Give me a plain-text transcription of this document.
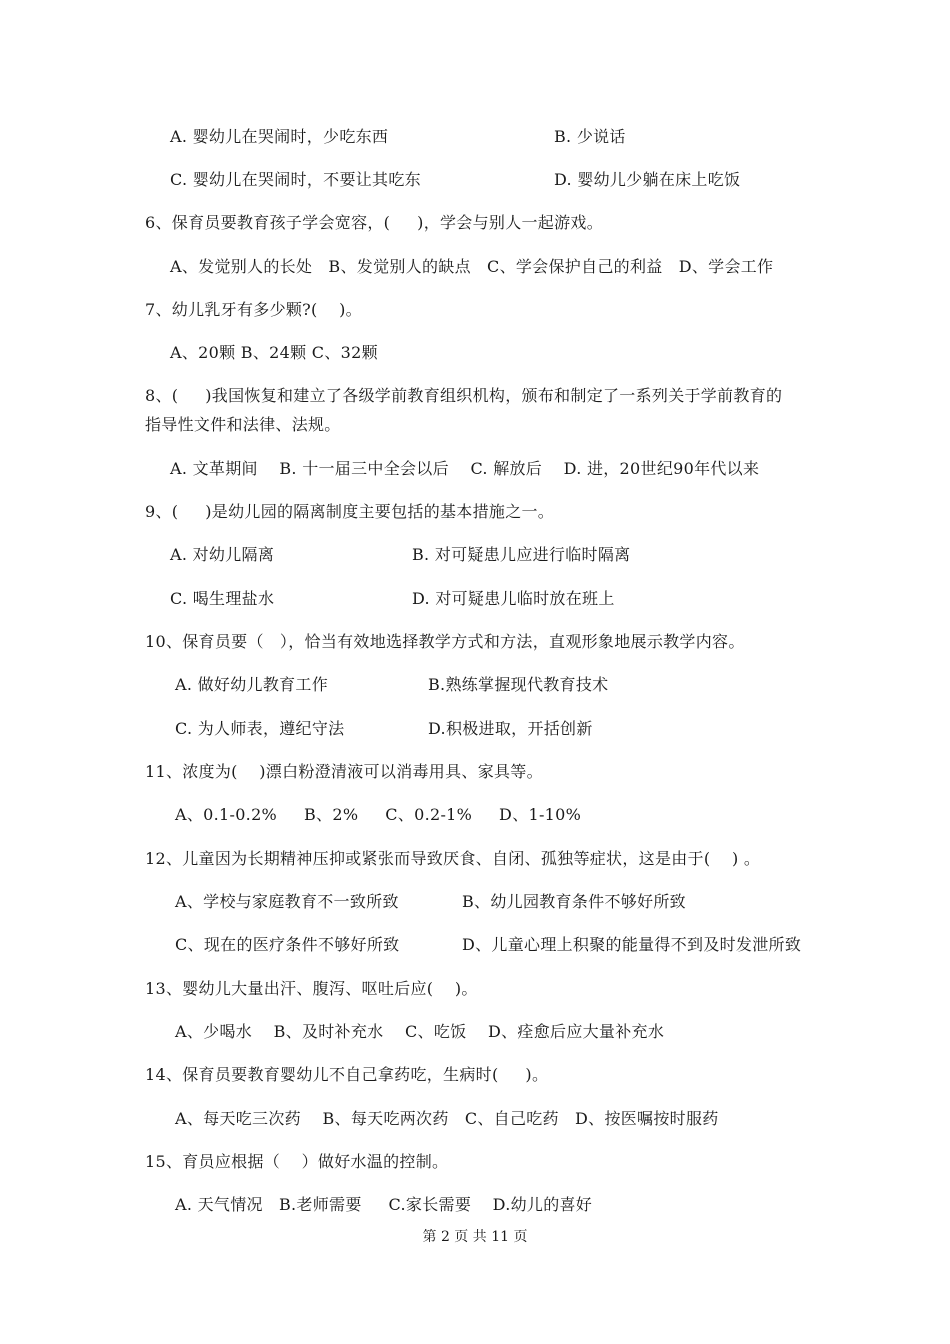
A. 婴幼儿在哭闹时，少吃东西	B. 少说话
C. 婴幼儿在哭闹时，不要让其吃东	D. 婴幼儿少躺在床上吃饭
6、保育员要教育孩子学会宽容，(     )，学会与别人一起游戏。
A、发觉别人的长处   B、发觉别人的缺点   C、学会保护自己的利益   D、学会工作
7、幼儿乳牙有多少颗?(    )。
A、20颗 B、24颗 C、32颗
8、(     )我国恢复和建立了各级学前教育组织机构，颁布和制定了一系列关于学前教育的
指导性文件和法律、法规。
A. 文革期间    B. 十一届三中全会以后    C. 解放后    D. 进，20世纪90年代以来
9、(     )是幼儿园的隔离制度主要包括的基本措施之一。
A. 对幼儿隔离	B. 对可疑患儿应进行临时隔离
C. 喝生理盐水	D. 对可疑患儿临时放在班上
10、保育员要（   ），恰当有效地选择教学方式和方法，直观形象地展示教学内容。
A. 做好幼儿教育工作	B.熟练掌握现代教育技术
C. 为人师表，遵纪守法	D.积极进取，开括创新
11、浓度为(    )漂白粉澄清液可以消毒用具、家具等。
A、0.1-0.2%     B、2%     C、0.2-1%     D、1-10%
12、儿童因为长期精神压抑或紧张而导致厌食、自闭、孤独等症状，这是由于(    ) 。
A、学校与家庭教育不一致所致	B、幼儿园教育条件不够好所致
C、现在的医疗条件不够好所致	D、儿童心理上积聚的能量得不到及时发泄所致
13、婴幼儿大量出汗、腹泻、呕吐后应(    )。
A、少喝水    B、及时补充水    C、吃饭    D、痊愈后应大量补充水
14、保育员要教育婴幼儿不自己拿药吃，生病时(     )。
A、每天吃三次药    B、每天吃两次药   C、自己吃药   D、按医嘱按时服药
15、育员应根据（    ）做好水温的控制。
A. 天气情况   B.老师需要     C.家长需要    D.幼儿的喜好
第 2 页 共 11 页
